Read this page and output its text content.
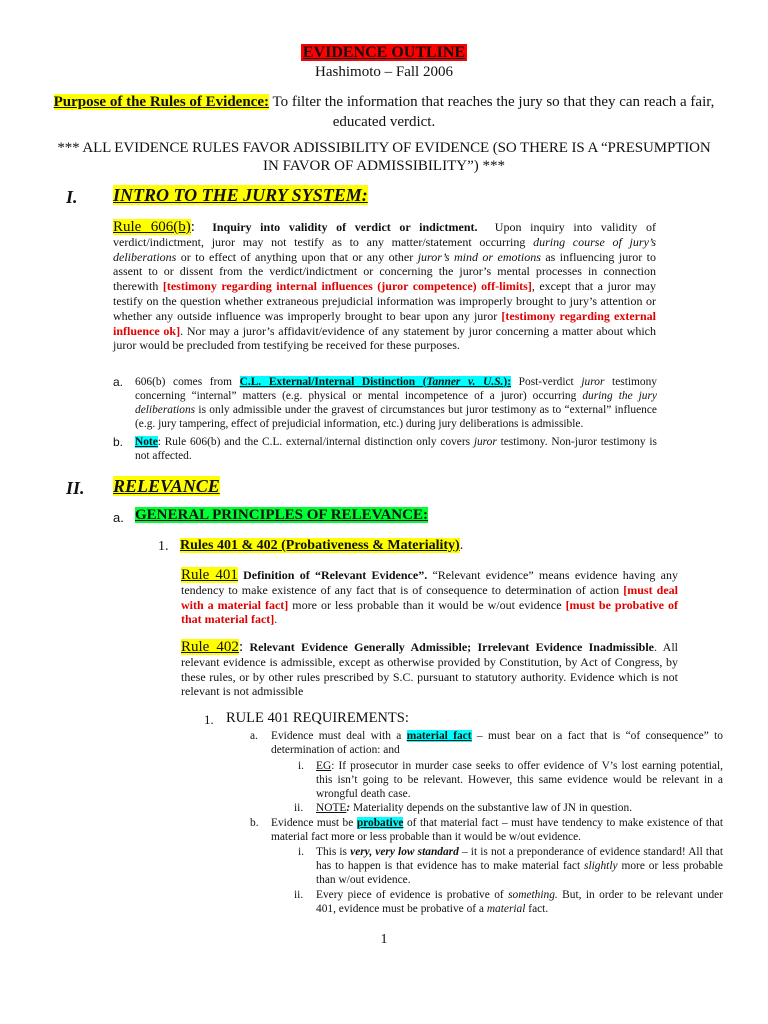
EVIDENCE OUTLINE
Hashimoto – Fall 2006
Purpose of the Rules of Evidence: To filter the information that reaches the jury so that they can reach a fair,
educated verdict.
*** ALL EVIDENCE RULES FAVOR ADISSIBILITY OF EVIDENCE (SO THERE IS A “PRESUMPTION
IN FAVOR OF ADMISSIBILITY”) ***
I. INTRO TO THE JURY SYSTEM:
Rule 606(b): Inquiry into validity of verdict or indictment. Upon inquiry into validity of verdict/indictment, juror may not testify as to any matter/statement occurring during course of jury’s deliberations or to effect of anything upon that or any other juror’s mind or emotions as influencing juror to assent to or dissent from the verdict/indictment or concerning the juror’s mental processes in connection therewith [testimony regarding internal influences (juror competence) off-limits], except that a juror may testify on the question whether extraneous prejudicial information was improperly brought to jury’s attention or whether any outside influence was improperly brought to bear upon any juror [testimony regarding external influence ok]. Nor may a juror’s affidavit/evidence of any statement by juror concerning a matter about which juror would be precluded from testifying be received for these purposes.
a. 606(b) comes from C.L. External/Internal Distinction (Tanner v. U.S.): Post-verdict juror testimony concerning “internal” matters (e.g. physical or mental incompetence of a juror) occurring during the jury deliberations is only admissible under the gravest of circumstances but juror testimony as to “external” influence (e.g. jury tampering, effect of prejudicial information, etc.) during jury deliberations is admissible.
b. Note: Rule 606(b) and the C.L. external/internal distinction only covers juror testimony. Non-juror testimony is not affected.
II. RELEVANCE
a. GENERAL PRINCIPLES OF RELEVANCE:
1. Rules 401 & 402 (Probativeness & Materiality).
Rule 401 Definition of “Relevant Evidence”. “Relevant evidence” means evidence having any tendency to make existence of any fact that is of consequence to determination of action [must deal with a material fact] more or less probable than it would be w/out evidence [must be probative of that material fact].
Rule 402: Relevant Evidence Generally Admissible; Irrelevant Evidence Inadmissible. All relevant evidence is admissible, except as otherwise provided by Constitution, by Act of Congress, by these rules, or by other rules prescribed by S.C. pursuant to statutory authority. Evidence which is not relevant is not admissible
1. RULE 401 REQUIREMENTS:
a. Evidence must deal with a material fact – must bear on a fact that is “of consequence” to determination of action: and
i. EG: If prosecutor in murder case seeks to offer evidence of V’s lost earning potential, this isn’t going to be relevant. However, this same evidence would be relevant in a wrongful death case.
ii. NOTE: Materiality depends on the substantive law of JN in question.
b. Evidence must be probative of that material fact – must have tendency to make existence of that material fact more or less probable than it would be w/out evidence.
i. This is very, very low standard – it is not a preponderance of evidence standard! All that has to happen is that evidence has to make material fact slightly more or less probable than w/out evidence.
ii. Every piece of evidence is probative of something. But, in order to be relevant under 401, evidence must be probative of a material fact.
1
